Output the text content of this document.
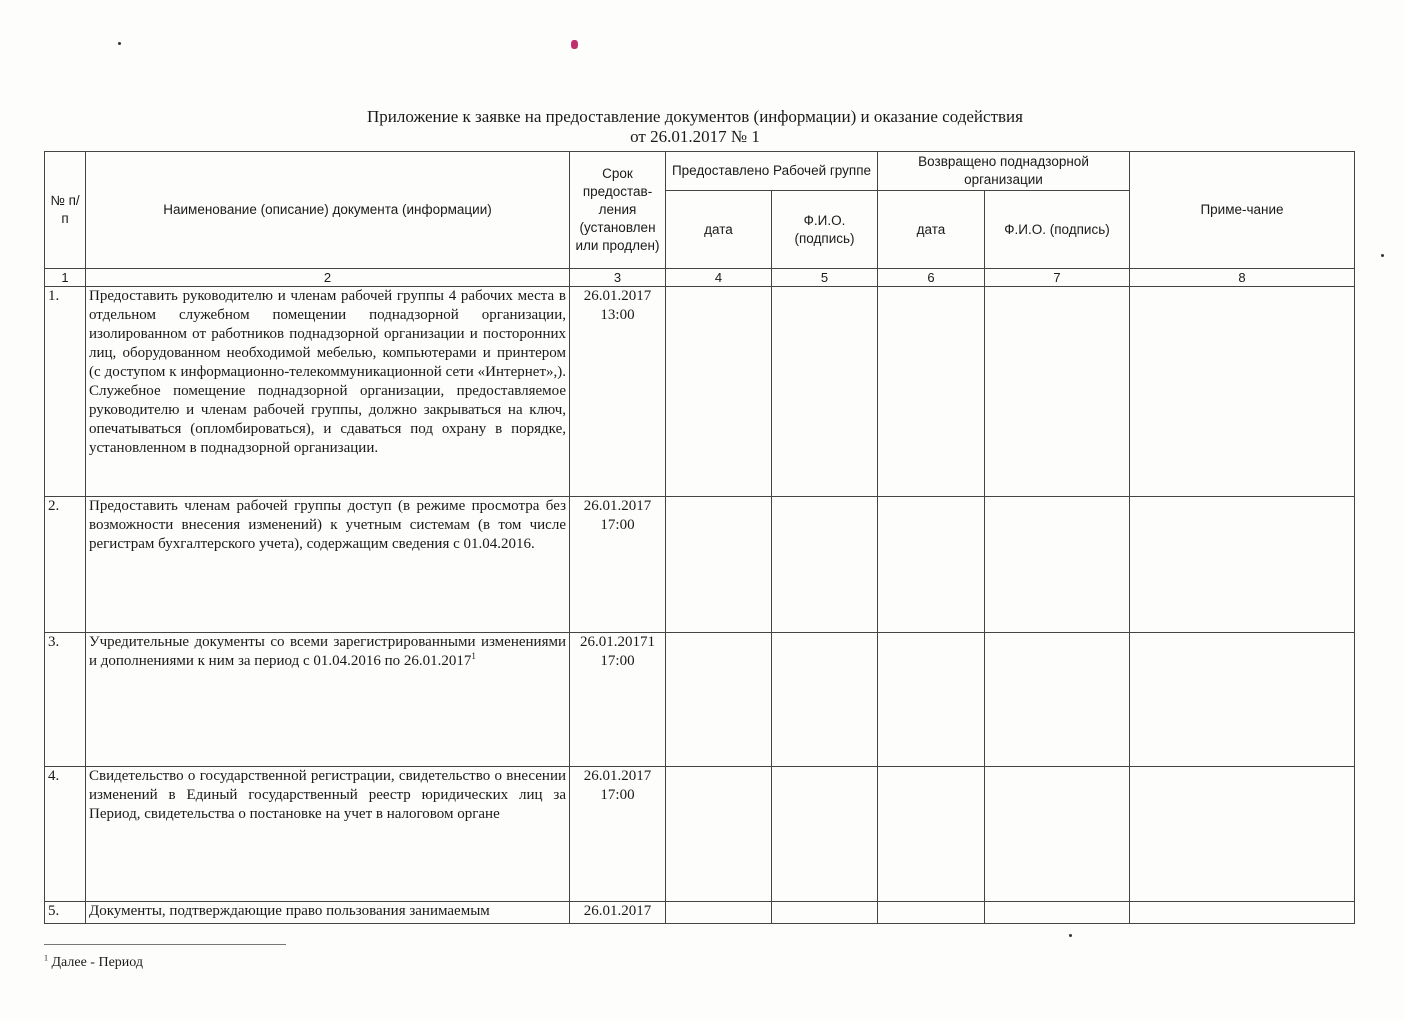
Приложение к заявке на предоставление документов (информации) и оказание содействия
от 26.01.2017 № 1
№ п/п	Наименование (описание) документа (информации)	Срок предостав-ления (установлен или продлен)	Предоставлено Рабочей группе		Возвращено поднадзорной организации		Приме-чание
			дата	Ф.И.О. (подпись)	дата	Ф.И.О. (подпись)	
1	2	3	4	5	6	7	8
1.	Предоставить руководителю и членам рабочей группы 4 рабочих места в отдельном служебном помещении поднадзорной организации, изолированном от работников поднадзорной организации и посторонних лиц, оборудованном необходимой мебелью, компьютерами и принтером (с доступом к информационно-телекоммуникационной сети «Интернет»,). Служебное помещение поднадзорной организации, предоставляемое руководителю и членам рабочей группы, должно закрываться на ключ, опечатываться (опломбироваться), и сдаваться под охрану в порядке, установленном в поднадзорной организации.	26.01.2017
13:00					

2.	Предоставить членам рабочей группы доступ (в режиме просмотра без возможности внесения изменений) к учетным системам (в том числе регистрам бухгалтерского учета), содержащим сведения с 01.04.2016.	26.01.2017
17:00					

3.	Учредительные документы со всеми зарегистрированными изменениями и дополнениями к ним за период с 01.04.2016 по 26.01.2017$^1$	26.01.20171
17:00					

4.	Свидетельство о государственной регистрации, свидетельство о внесении изменений в Единый государственный реестр юридических лиц за Период, свидетельства о постановке на учет в налоговом органе	26.01.2017
17:00					

5.	Документы, подтверждающие право пользования занимаемым	26.01.2017					

$^1$ Далее - Период
